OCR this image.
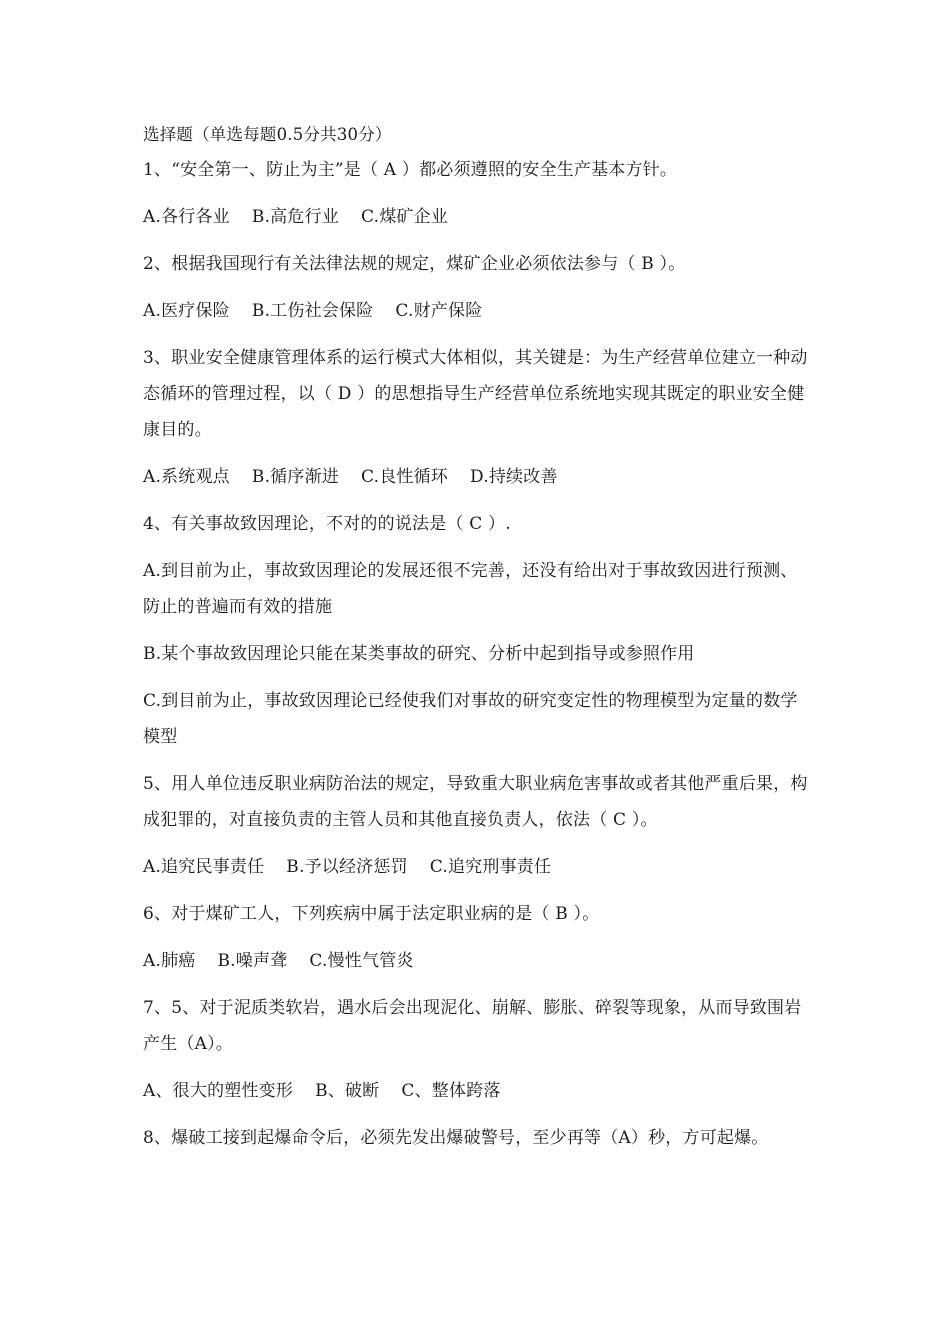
选择题（单选每题0.5分共30分）
1、“安全第一、防止为主”是（ A ）都必须遵照的安全生产基本方针。
A.各行各业 B.高危行业 C.煤矿企业
2、根据我国现行有关法律法规的规定，煤矿企业必须依法参与（ B ）。
A.医疗保险 B.工伤社会保险 C.财产保险
3、职业安全健康管理体系的运行模式大体相似，其关键是：为生产经营单位建立一种动态循环的管理过程，以（ D ）的思想指导生产经营单位系统地实现其既定的职业安全健康目的。
A.系统观点 B.循序渐进 C.良性循环 D.持续改善
4、有关事故致因理论，不对的的说法是（ C ）.
A.到目前为止，事故致因理论的发展还很不完善，还没有给出对于事故致因进行预测、防止的普遍而有效的措施
B.某个事故致因理论只能在某类事故的研究、分析中起到指导或参照作用
C.到目前为止，事故致因理论已经使我们对事故的研究变定性的物理模型为定量的数学模型
5、用人单位违反职业病防治法的规定，导致重大职业病危害事故或者其他严重后果，构成犯罪的，对直接负责的主管人员和其他直接负责人，依法（ C ）。
A.追究民事责任 B.予以经济惩罚 C.追究刑事责任
6、对于煤矿工人，下列疾病中属于法定职业病的是（ B ）。
A.肺癌 B.噪声聋 C.慢性气管炎
7、5、对于泥质类软岩，遇水后会出现泥化、崩解、膨胀、碎裂等现象，从而导致围岩产生（A）。
A、很大的塑性变形 B、破断 C、整体跨落
8、爆破工接到起爆命令后，必须先发出爆破警号，至少再等（A）秒，方可起爆。
